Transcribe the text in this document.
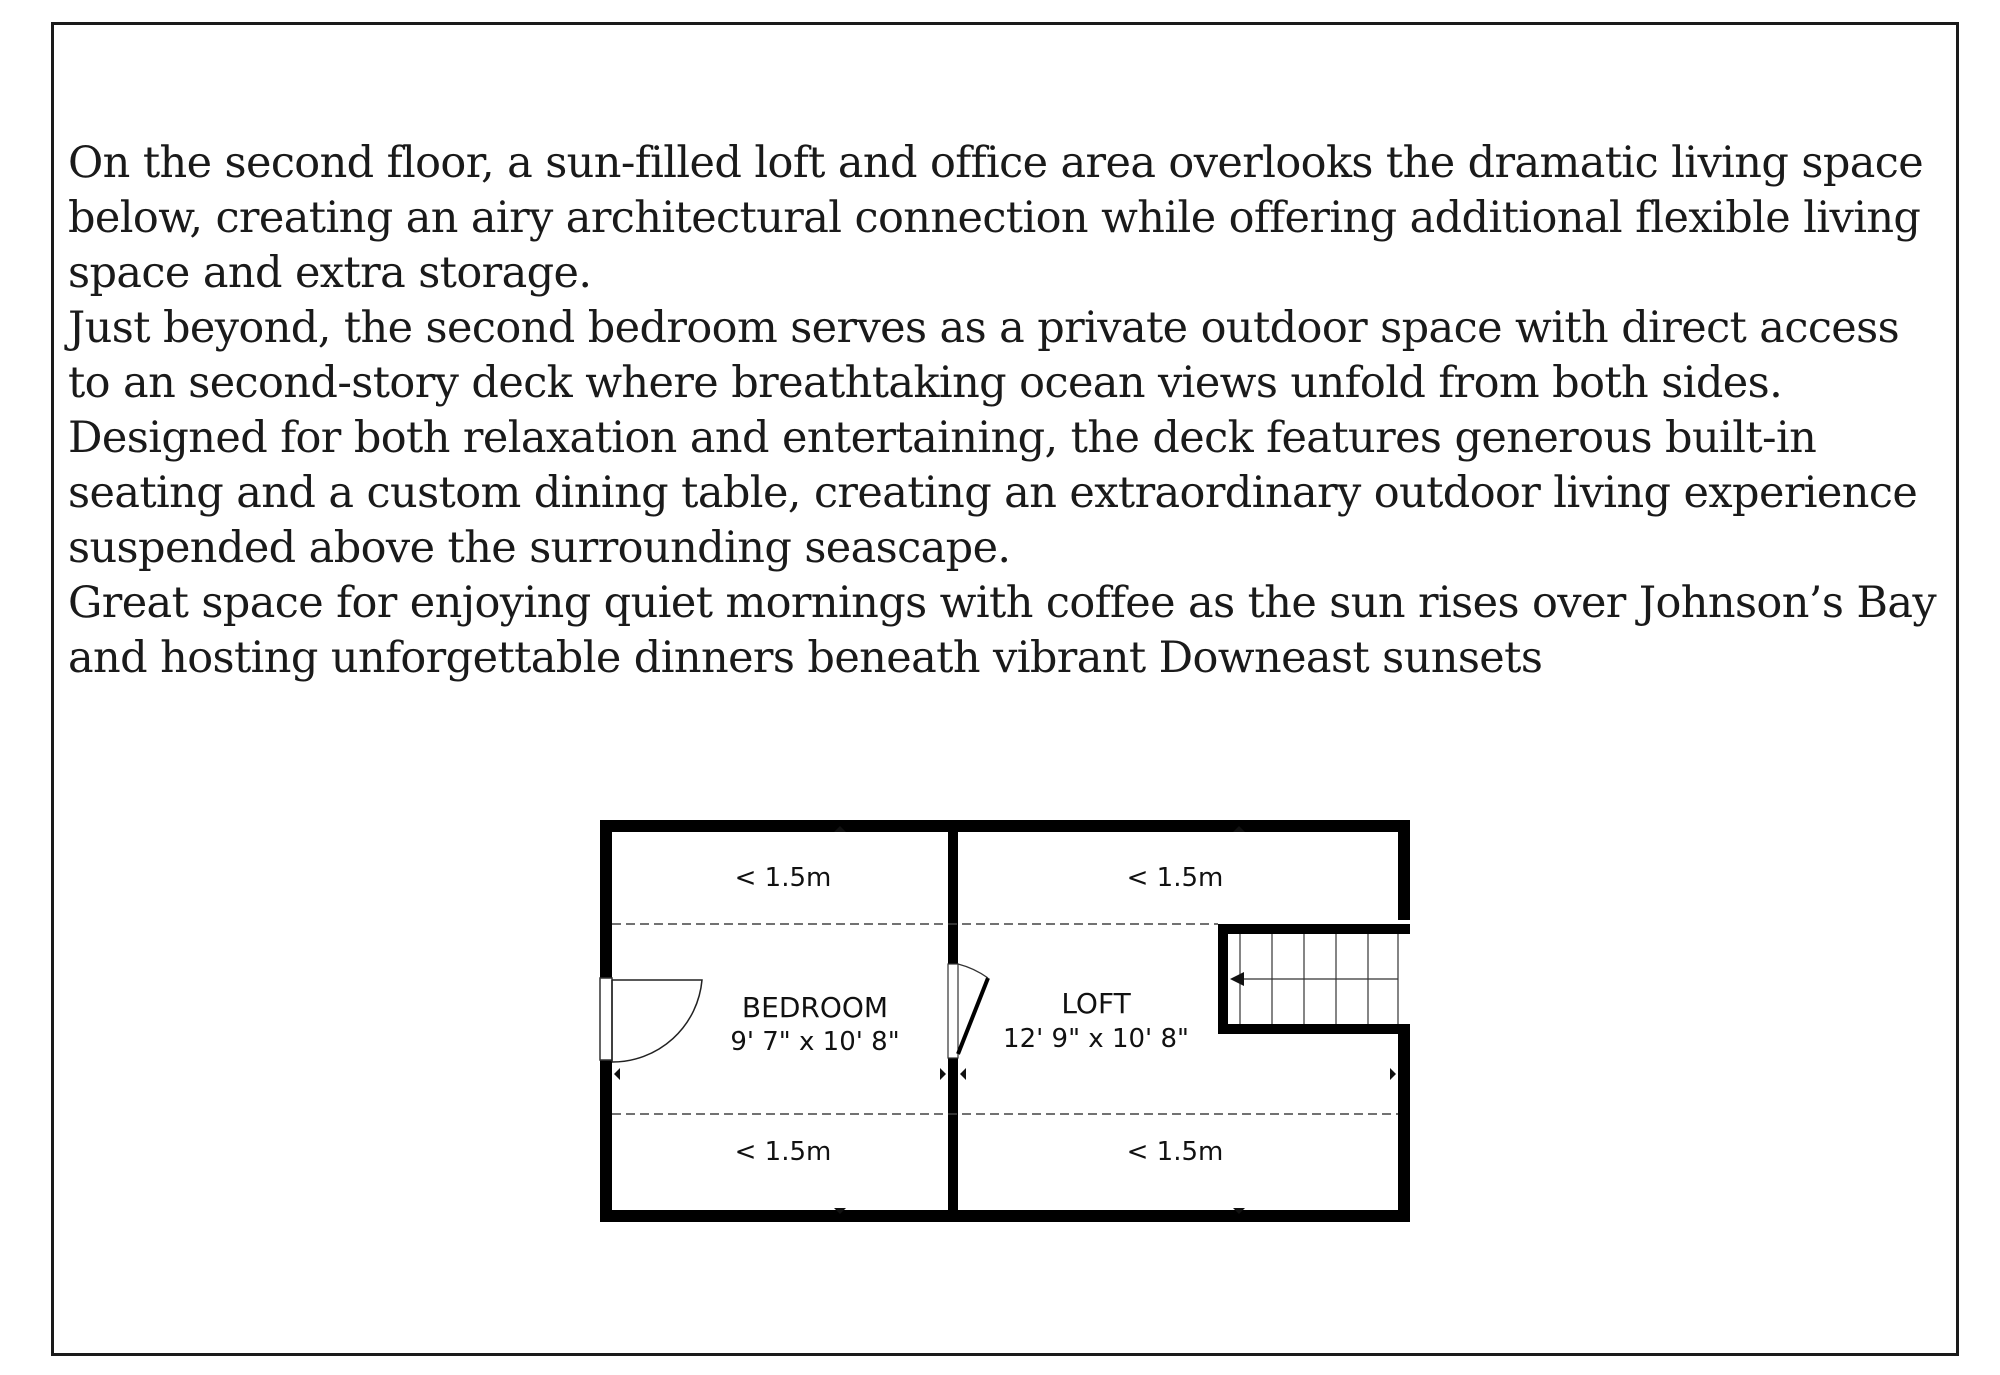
On the second floor, a sun-filled loft and office area overlooks the dramatic living space below, creating an airy architectural connection while offering additional flexible living space and extra storage.
Just beyond, the second bedroom serves as a private outdoor space with direct access to an second-story deck where breathtaking ocean views unfold from both sides. Designed for both relaxation and entertaining, the deck features generous built-in seating and a custom dining table, creating an extraordinary outdoor living experience suspended above the surrounding seascape.
Great space for enjoying quiet mornings with coffee as the sun rises over Johnson’s Bay and hosting unforgettable dinners beneath vibrant Downeast sunsets
< 1.5m	< 1.5m
BEDROOM
9' 7" x 10' 8"
LOFT
12' 9" x 10' 8"
< 1.5m	< 1.5m
